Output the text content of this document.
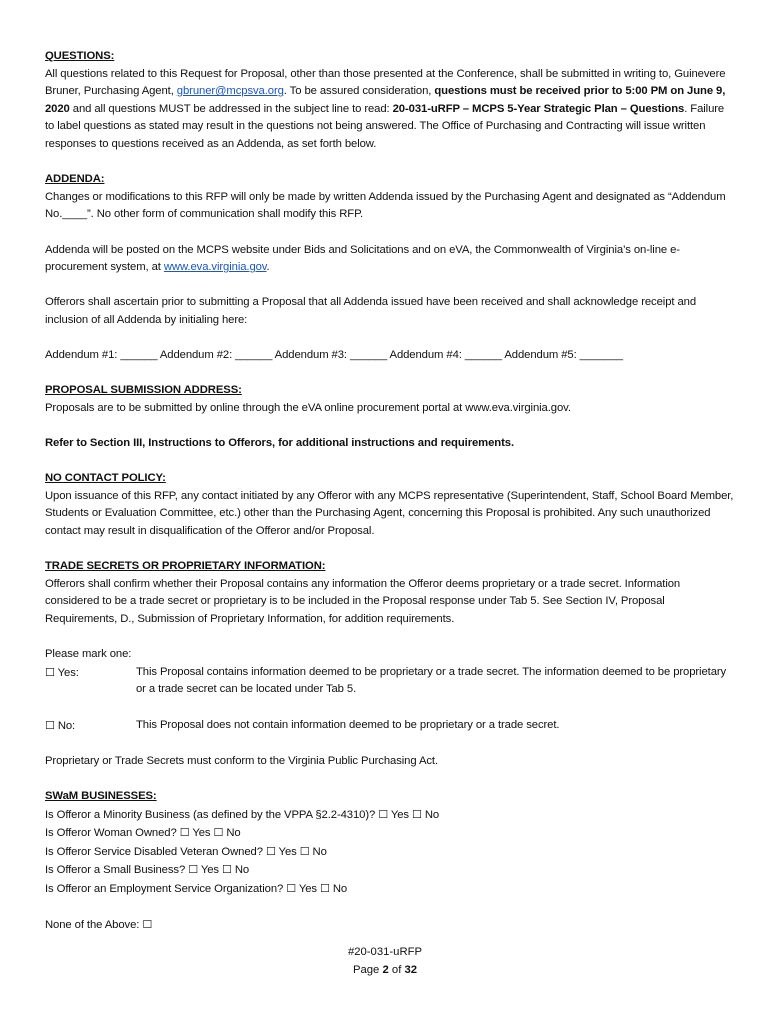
QUESTIONS:

All questions related to this Request for Proposal, other than those presented at the Conference, shall be submitted in writing to, Guinevere Bruner, Purchasing Agent, gbruner@mcpsva.org. To be assured consideration, questions must be received prior to 5:00 PM on June 9, 2020 and all questions MUST be addressed in the subject line to read: 20-031-uRFP – MCPS 5-Year Strategic Plan – Questions. Failure to label questions as stated may result in the questions not being answered. The Office of Purchasing and Contracting will issue written responses to questions received as an Addenda, as set forth below.

ADDENDA:

Changes or modifications to this RFP will only be made by written Addenda issued by the Purchasing Agent and designated as “Addendum No.____”. No other form of communication shall modify this RFP.

Addenda will be posted on the MCPS website under Bids and Solicitations and on eVA, the Commonwealth of Virginia’s on-line e-procurement system, at www.eva.virginia.gov.

Offerors shall ascertain prior to submitting a Proposal that all Addenda issued have been received and shall acknowledge receipt and inclusion of all Addenda by initialing here:

Addendum #1: ______ Addendum #2: ______ Addendum #3: ______ Addendum #4: ______ Addendum #5: _______

PROPOSAL SUBMISSION ADDRESS:

Proposals are to be submitted by online through the eVA online procurement portal at www.eva.virginia.gov.

Refer to Section III, Instructions to Offerors, for additional instructions and requirements.

NO CONTACT POLICY:

Upon issuance of this RFP, any contact initiated by any Offeror with any MCPS representative (Superintendent, Staff, School Board Member, Students or Evaluation Committee, etc.) other than the Purchasing Agent, concerning this Proposal is prohibited. Any such unauthorized contact may result in disqualification of the Offeror and/or Proposal.

TRADE SECRETS OR PROPRIETARY INFORMATION:

Offerors shall confirm whether their Proposal contains any information the Offeror deems proprietary or a trade secret. Information considered to be a trade secret or proprietary is to be included in the Proposal response under Tab 5. See Section IV, Proposal Requirements, D., Submission of Proprietary Information, for addition requirements.

Please mark one:

☐ Yes:	This Proposal contains information deemed to be proprietary or a trade secret. The information deemed to be proprietary or a trade secret can be located under Tab 5.
☐ No:	This Proposal does not contain information deemed to be proprietary or a trade secret.

Proprietary or Trade Secrets must conform to the Virginia Public Purchasing Act.

SWaM BUSINESSES:

Is Offeror a Minority Business (as defined by the VPPA §2.2-4310)? ☐ Yes ☐ No

Is Offeror Woman Owned? ☐ Yes ☐ No

Is Offeror Service Disabled Veteran Owned? ☐ Yes ☐ No

Is Offeror a Small Business? ☐ Yes ☐ No

Is Offeror an Employment Service Organization? ☐ Yes ☐ No

None of the Above: ☐

#20-031-uRFP
Page 2 of 32
